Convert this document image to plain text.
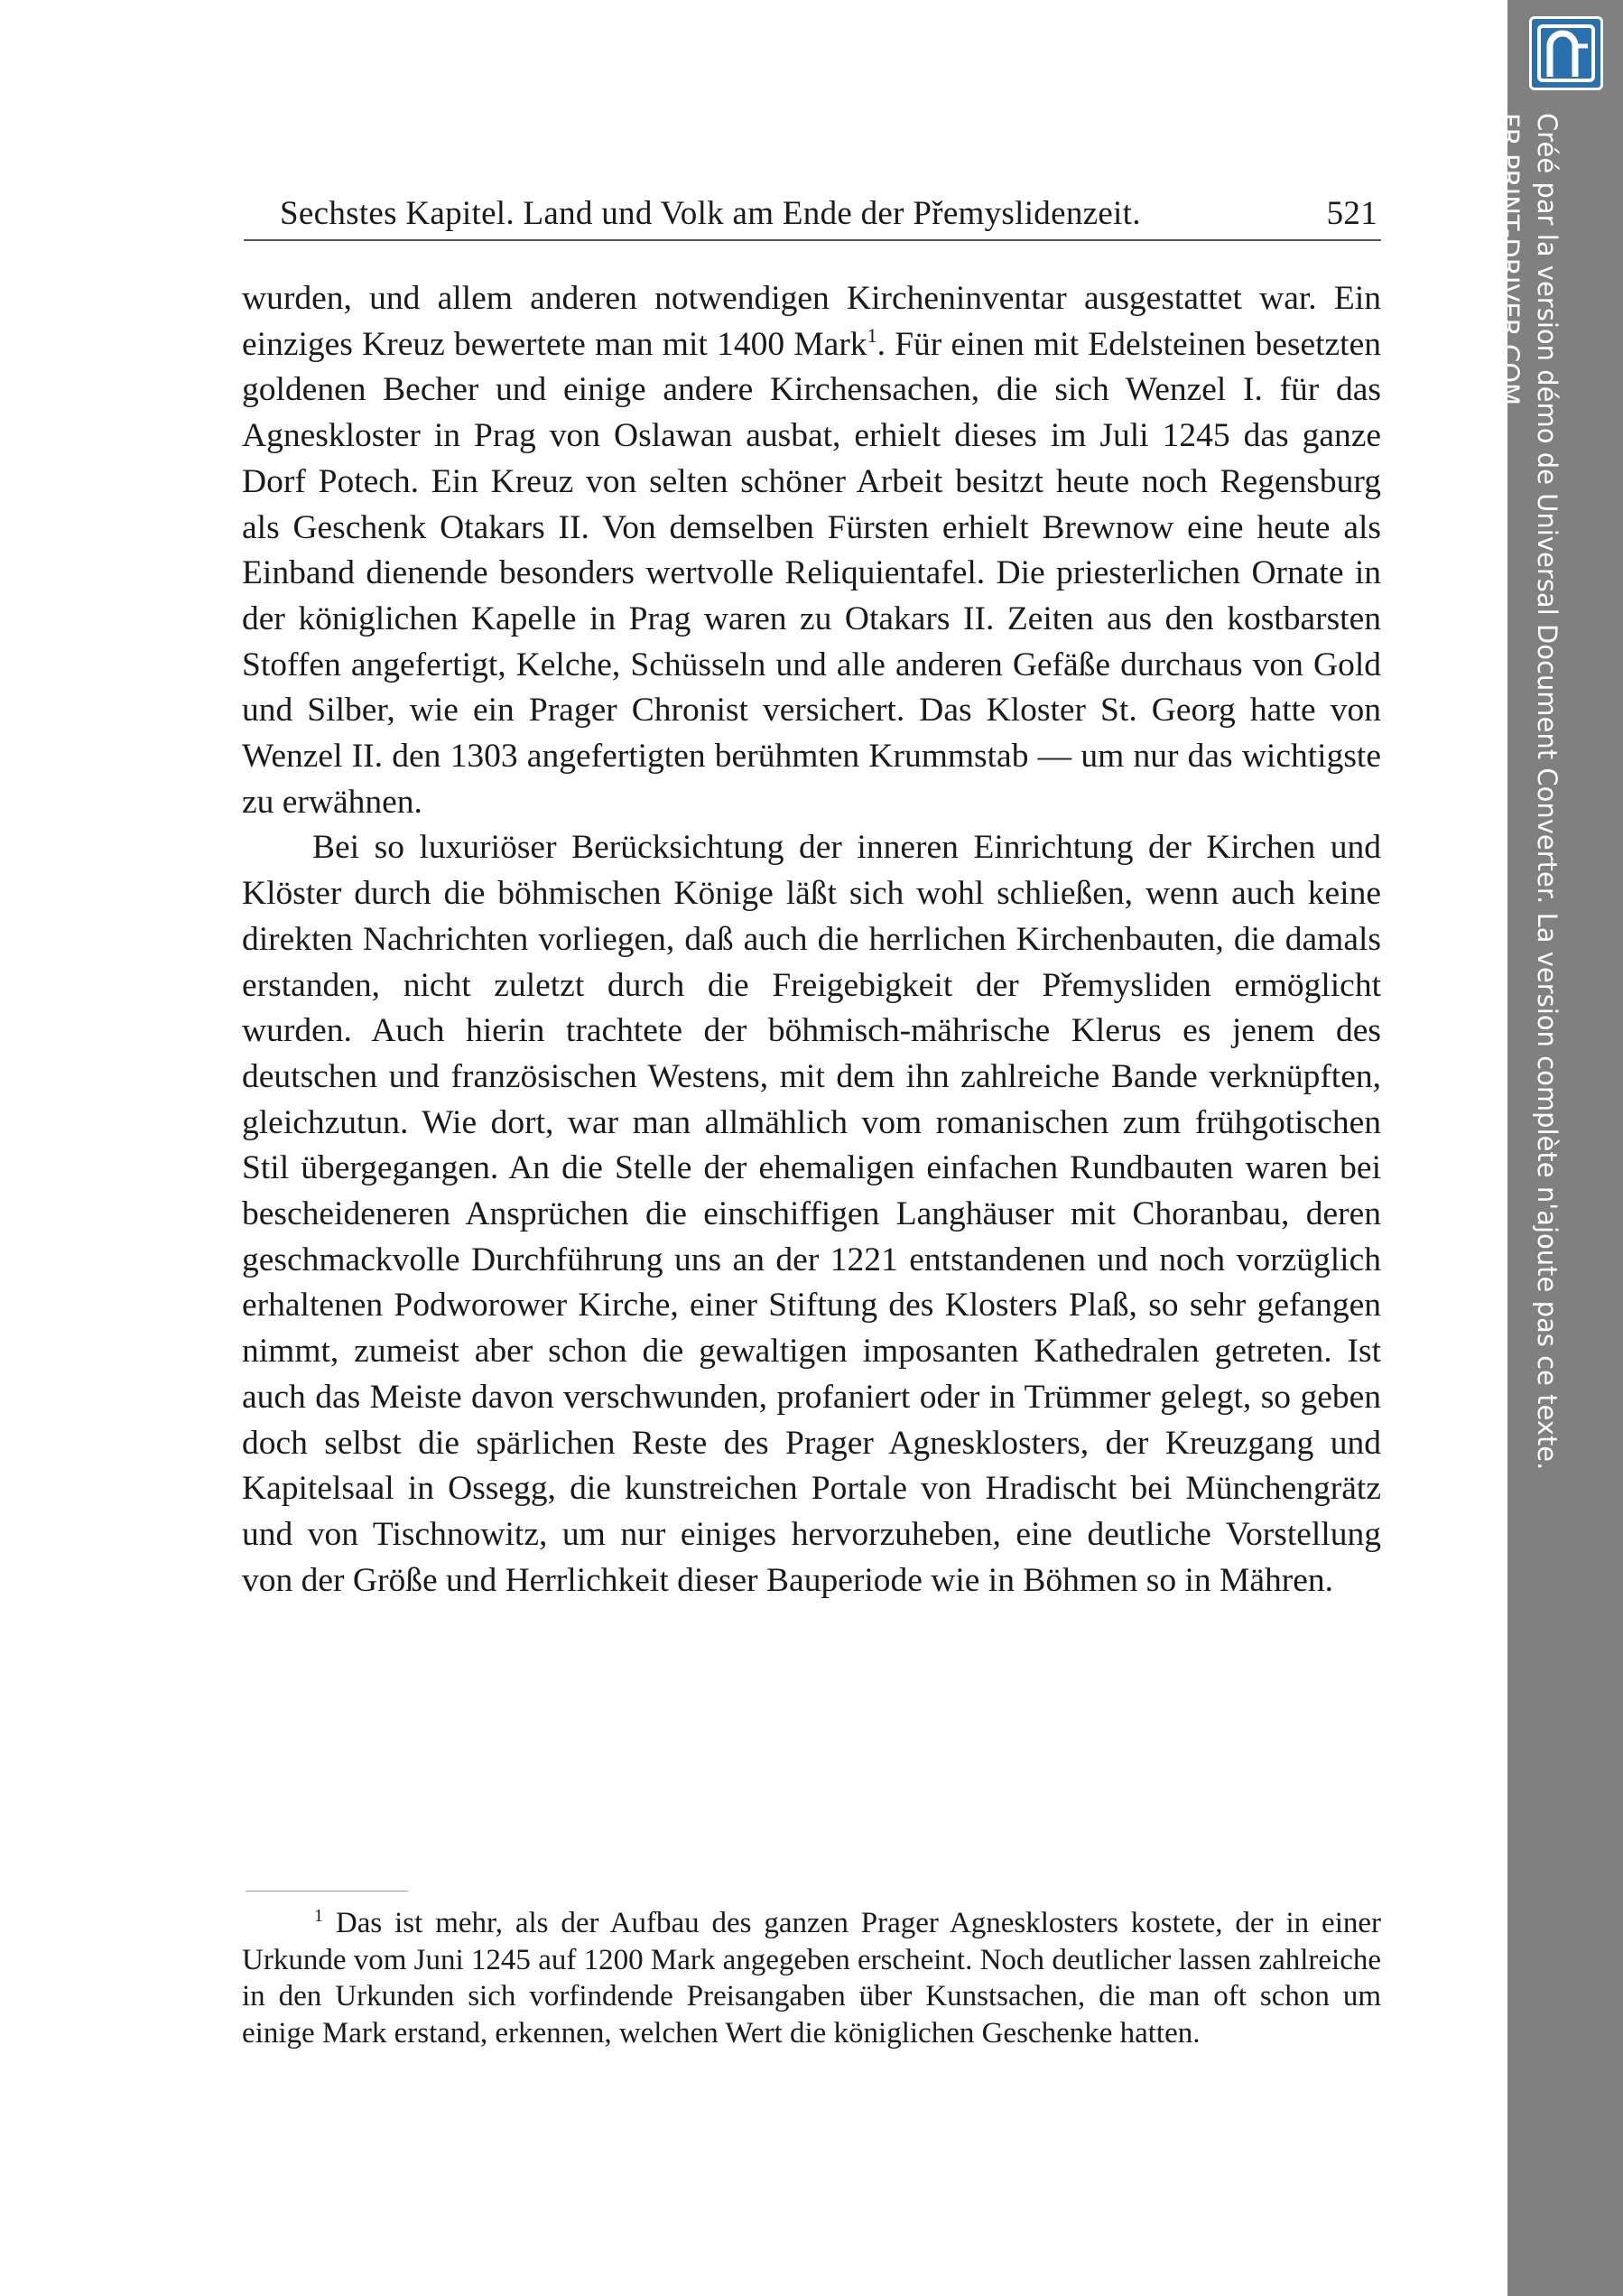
Sechstes Kapitel. Land und Volk am Ende der Přemyslidenzeit.	521

wurden, und allem anderen notwendigen Kircheninventar ausgestattet war. Ein einziges Kreuz bewertete man mit 1400 Mark$^1$. Für einen mit Edelsteinen besetzten goldenen Becher und einige andere Kirchensachen, die sich Wenzel I. für das Agneskloster in Prag von Oslawan ausbat, erhielt dieses im Juli 1245 das ganze Dorf Potech. Ein Kreuz von selten schöner Arbeit besitzt heute noch Regensburg als Geschenk Otakars II. Von demselben Fürsten erhielt Brewnow eine heute als Einband dienende besonders wertvolle Reliquientafel. Die priesterlichen Ornate in der königlichen Kapelle in Prag waren zu Otakars II. Zeiten aus den kostbarsten Stoffen angefertigt, Kelche, Schüsseln und alle anderen Gefäße durchaus von Gold und Silber, wie ein Prager Chronist versichert. Das Kloster St. Georg hatte von Wenzel II. den 1303 angefertigten berühmten Krummstab — um nur das wichtigste zu erwähnen.

Bei so luxuriöser Berücksichtung der inneren Einrichtung der Kirchen und Klöster durch die böhmischen Könige läßt sich wohl schließen, wenn auch keine direkten Nachrichten vorliegen, daß auch die herrlichen Kirchenbauten, die damals erstanden, nicht zuletzt durch die Freigebigkeit der Přemysliden ermöglicht wurden. Auch hierin trachtete der böhmisch-mährische Klerus es jenem des deutschen und französischen Westens, mit dem ihn zahlreiche Bande verknüpften, gleichzutun. Wie dort, war man allmählich vom romanischen zum frühgotischen Stil übergegangen. An die Stelle der ehemaligen einfachen Rundbauten waren bei bescheideneren Ansprüchen die einschiffigen Langhäuser mit Choranbau, deren geschmackvolle Durchführung uns an der 1221 entstandenen und noch vorzüglich erhaltenen Podworower Kirche, einer Stiftung des Klosters Plaß, so sehr gefangen nimmt, zumeist aber schon die gewaltigen imposanten Kathedralen getreten. Ist auch das Meiste davon verschwunden, profaniert oder in Trümmer gelegt, so geben doch selbst die spärlichen Reste des Prager Agnesklosters, der Kreuzgang und Kapitelsaal in Ossegg, die kunstreichen Portale von Hradischt bei Münchengrätz und von Tischnowitz, um nur einiges hervorzuheben, eine deutliche Vorstellung von der Größe und Herrlichkeit dieser Bauperiode wie in Böhmen so in Mähren.

$^1$ Das ist mehr, als der Aufbau des ganzen Prager Agnesklosters kostete, der in einer Urkunde vom Juni 1245 auf 1200 Mark angegeben erscheint. Noch deutlicher lassen zahlreiche in den Urkunden sich vorfindende Preisangaben über Kunstsachen, die man oft schon um einige Mark erstand, erkennen, welchen Wert die königlichen Geschenke hatten.

Créé par la version démo de Universal Document Converter. La version complète n'ajoute pas ce texte.
FR.PRINT-DRIVER.COM
